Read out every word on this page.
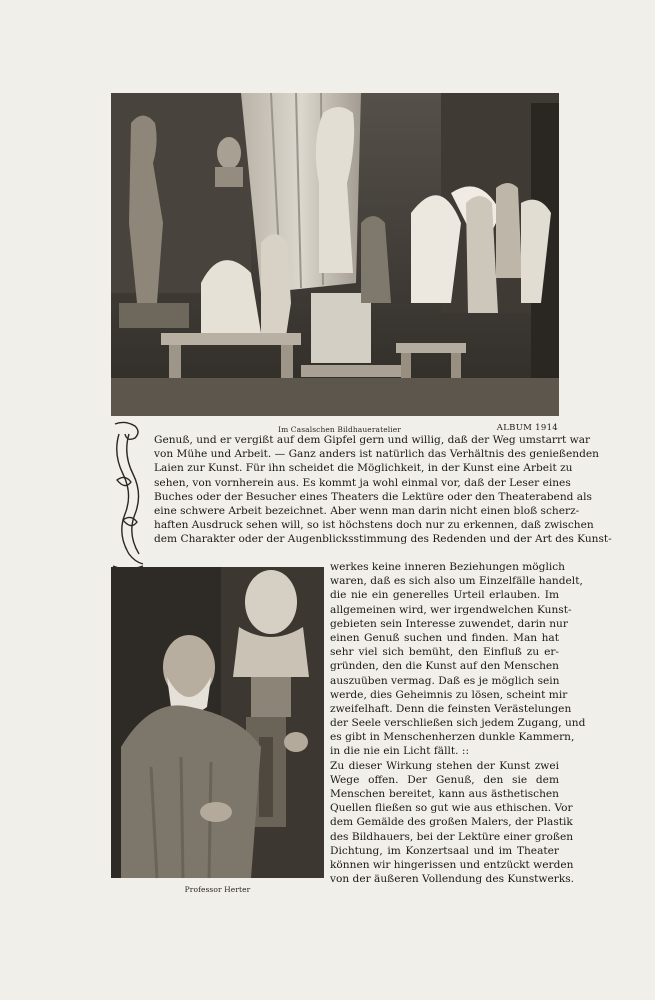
Im Casalschen Bildhaueratelier	ALBUM 1914
Genuß, und er vergißt auf dem Gipfel gern und willig, daß der Weg umstarrt war
von Mühe und Arbeit. — Ganz anders ist natürlich das Verhältnis des genießenden
Laien zur Kunst. Für ihn scheidet die Möglichkeit, in der Kunst eine Arbeit zu
sehen, von vornherein aus. Es kommt ja wohl einmal vor, daß der Leser eines
Buches oder der Besucher eines Theaters die Lektüre oder den Theaterabend als
eine schwere Arbeit bezeichnet. Aber wenn man darin nicht einen bloß scherz-
haften Ausdruck sehen will, so ist höchstens doch nur zu erkennen, daß zwischen
dem Charakter oder der Augenblicksstimmung des Redenden und der Art des Kunst-
Professor Herter
werkes keine inneren Beziehungen möglich
waren, daß es sich also um Einzelfälle handelt,
die nie ein generelles Urteil erlauben. Im
allgemeinen wird, wer irgendwelchen Kunst-
gebieten sein Interesse zuwendet, darin nur
einen Genuß suchen und finden. Man hat
sehr viel sich bemüht, den Einfluß zu er-
gründen, den die Kunst auf den Menschen
auszuüben vermag. Daß es je möglich sein
werde, dies Geheimnis zu lösen, scheint mir
zweifelhaft. Denn die feinsten Verästelungen
der Seele verschließen sich jedem Zugang, und
es gibt in Menschenherzen dunkle Kammern,
in die nie ein Licht fällt. ::
Zu dieser Wirkung stehen der Kunst zwei
Wege offen. Der Genuß, den sie dem
Menschen bereitet, kann aus ästhetischen
Quellen fließen so gut wie aus ethischen. Vor
dem Gemälde des großen Malers, der Plastik
des Bildhauers, bei der Lektüre einer großen
Dichtung, im Konzertsaal und im Theater
können wir hingerissen und entzückt werden
von der äußeren Vollendung des Kunstwerks.
